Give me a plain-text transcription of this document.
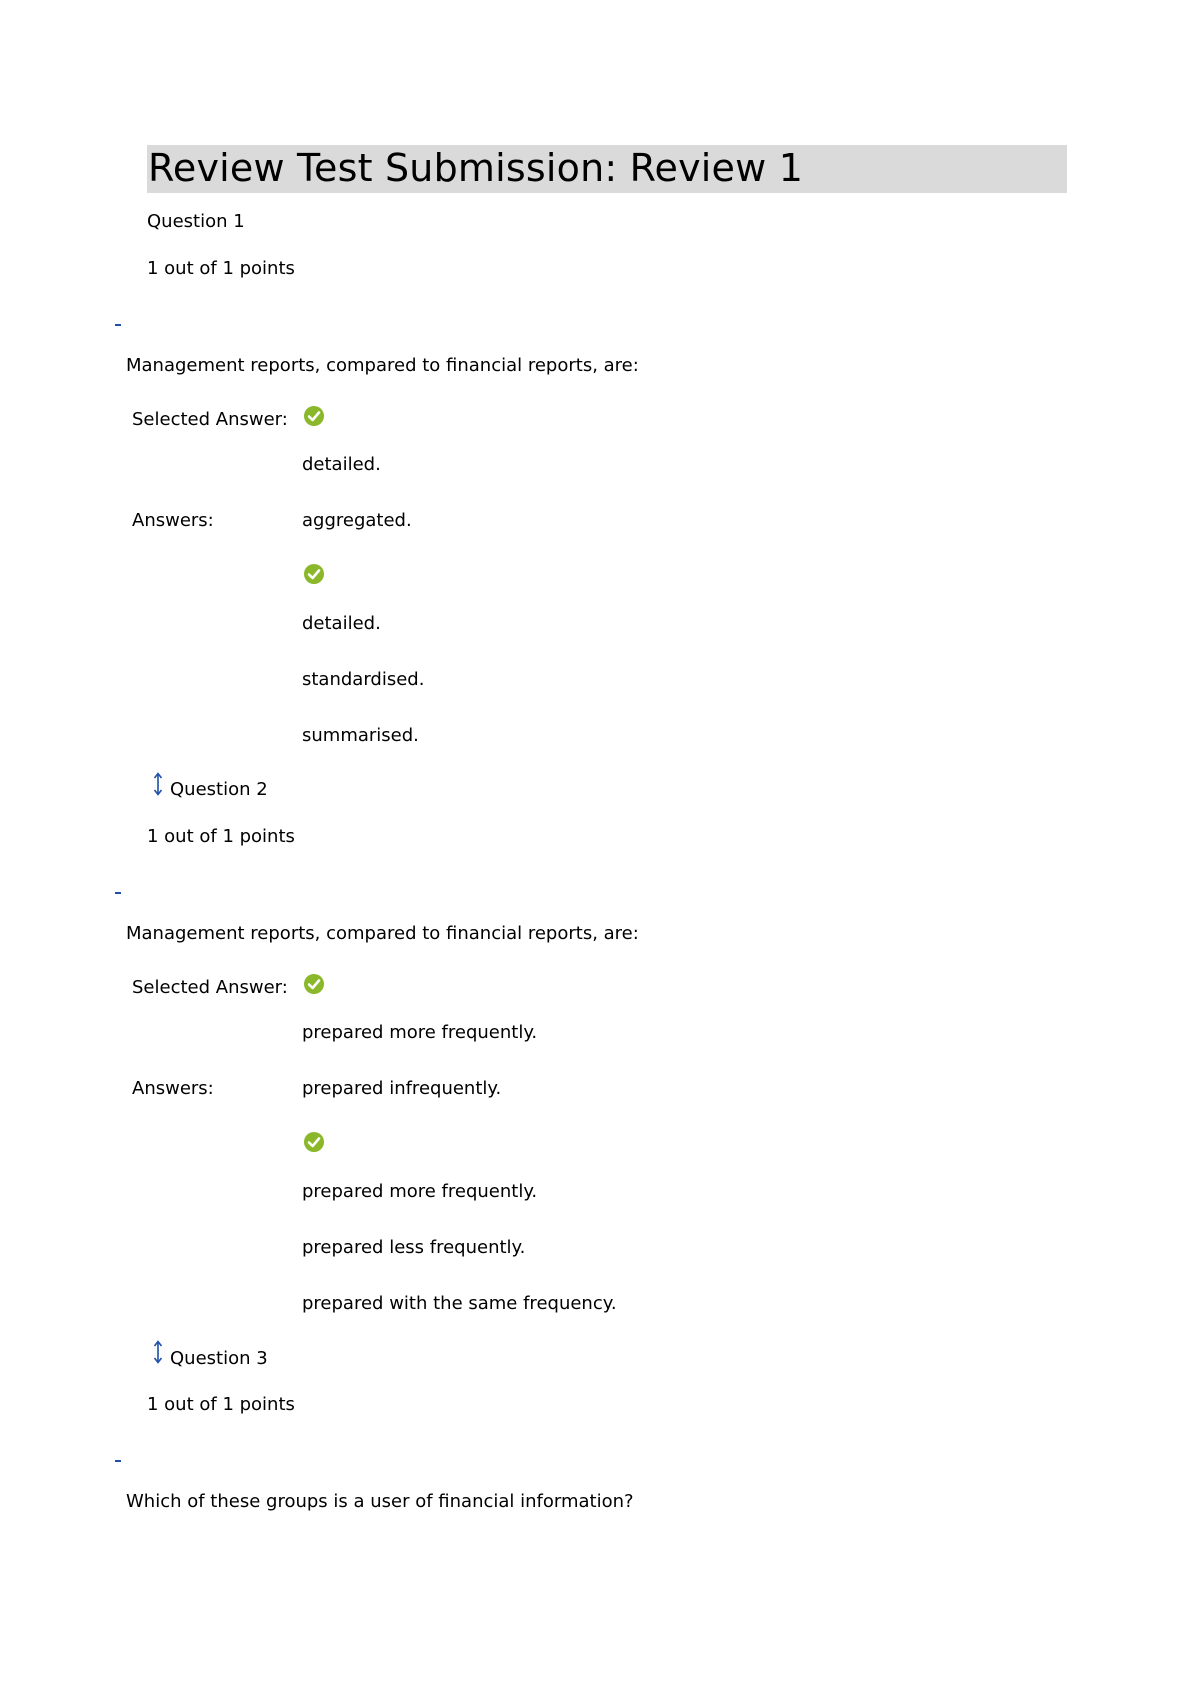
Review Test Submission: Review 1
Question 1
1 out of 1 points
Management reports, compared to financial reports, are:
Selected Answer:
detailed.
Answers:	aggregated.
detailed.
standardised.
summarised.
Question 2
1 out of 1 points
Management reports, compared to financial reports, are:
Selected Answer:
prepared more frequently.
Answers:	prepared infrequently.
prepared more frequently.
prepared less frequently.
prepared with the same frequency.
Question 3
1 out of 1 points
Which of these groups is a user of financial information?
